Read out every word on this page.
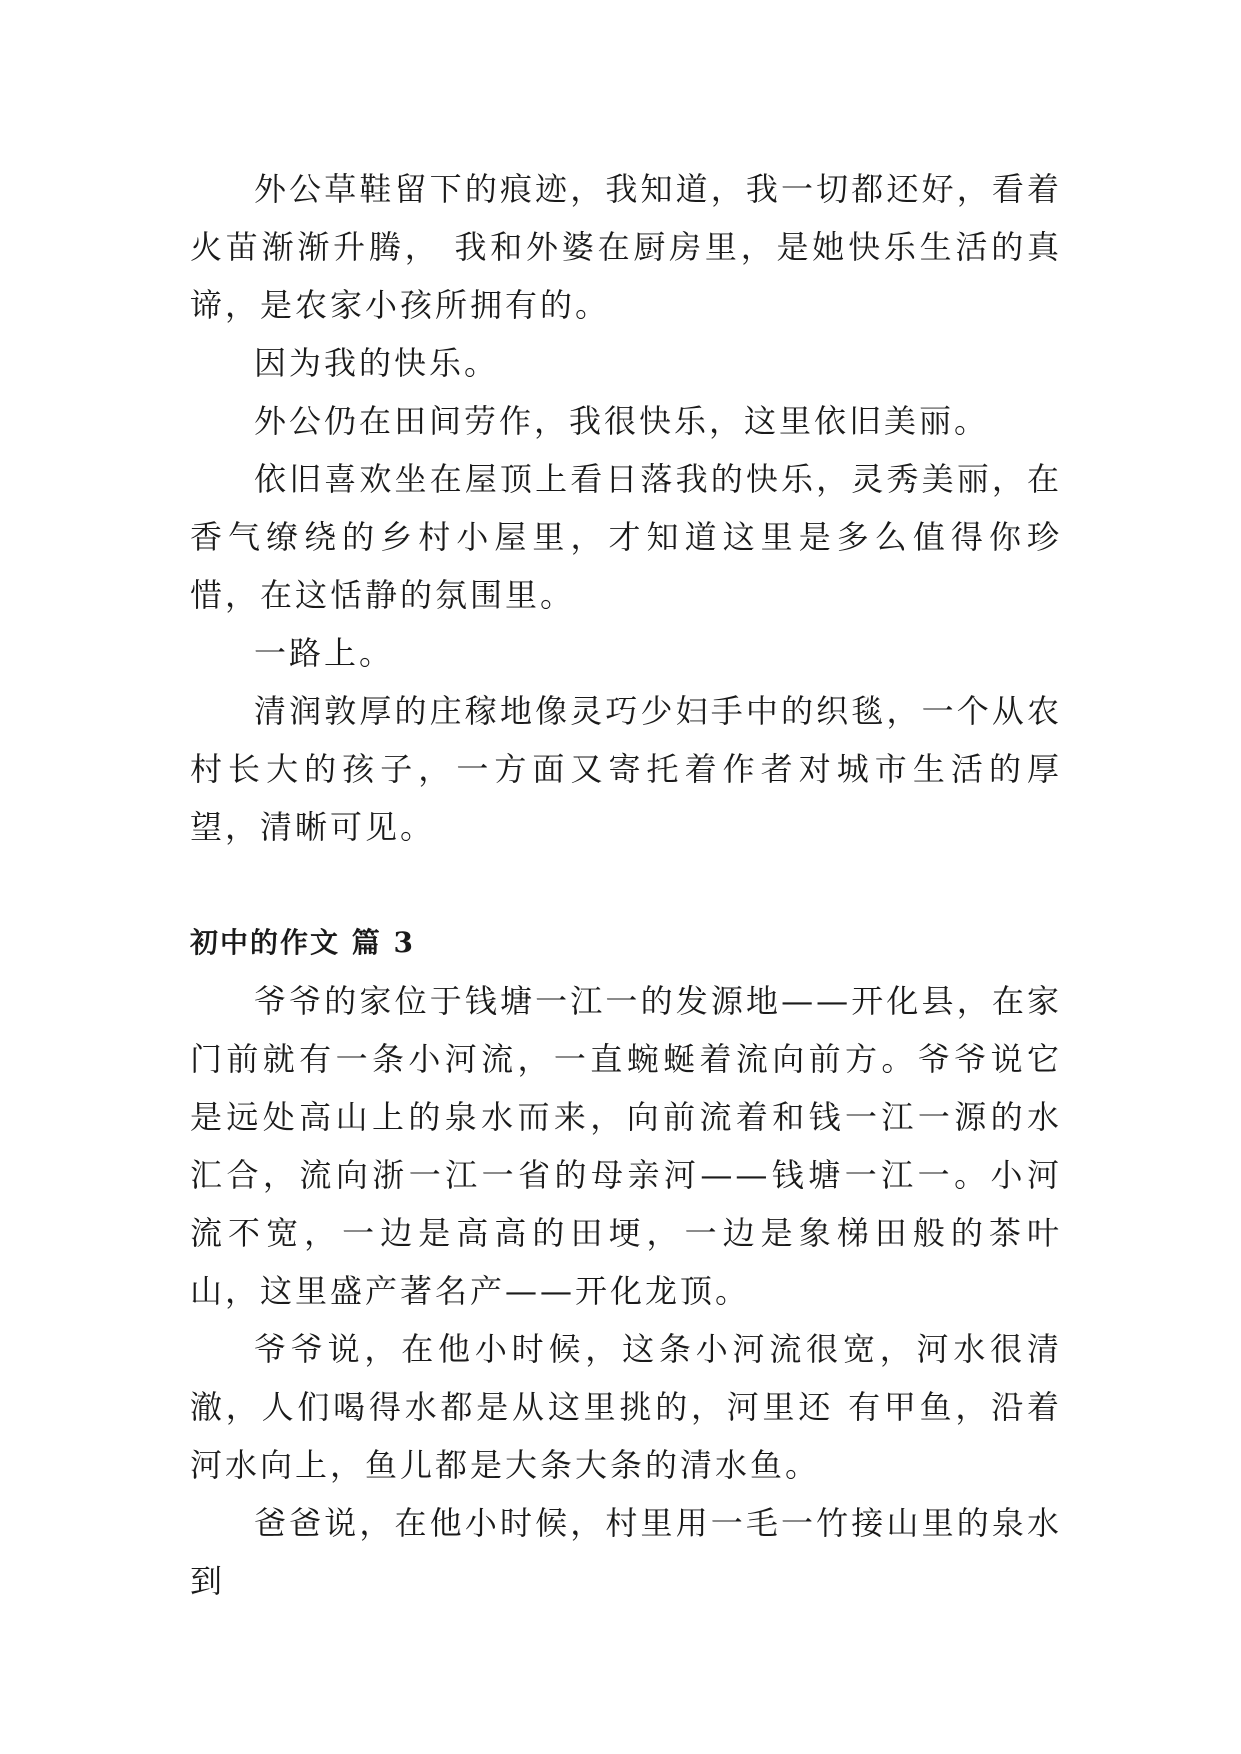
外公草鞋留下的痕迹，我知道，我一切都还好，看着火苗渐渐升腾， 我和外婆在厨房里，是她快乐生活的真谛，是农家小孩所拥有的。

因为我的快乐。

外公仍在田间劳作，我很快乐，这里依旧美丽。

依旧喜欢坐在屋顶上看日落我的快乐，灵秀美丽，在香气缭绕的乡村小屋里，才知道这里是多么值得你珍惜，在这恬静的氛围里。

一路上。

清润敦厚的庄稼地像灵巧少妇手中的织毯，一个从农村长大的孩子，一方面又寄托着作者对城市生活的厚望，清晰可见。

初中的作文 篇 3

爷爷的家位于钱塘一江一的发源地——开化县，在家门前就有一条小河流，一直蜿蜒着流向前方。爷爷说它是远处高山上的泉水而来，向前流着和钱一江一源的水汇合，流向浙一江一省的母亲河——钱塘一江一。小河流不宽，一边是高高的田埂，一边是象梯田般的茶叶山，这里盛产著名产——开化龙顶。

爷爷说，在他小时候，这条小河流很宽，河水很清澈，人们喝得水都是从这里挑的，河里还 有甲鱼，沿着河水向上，鱼儿都是大条大条的清水鱼。

爸爸说，在他小时候，村里用一毛一竹接山里的泉水到
